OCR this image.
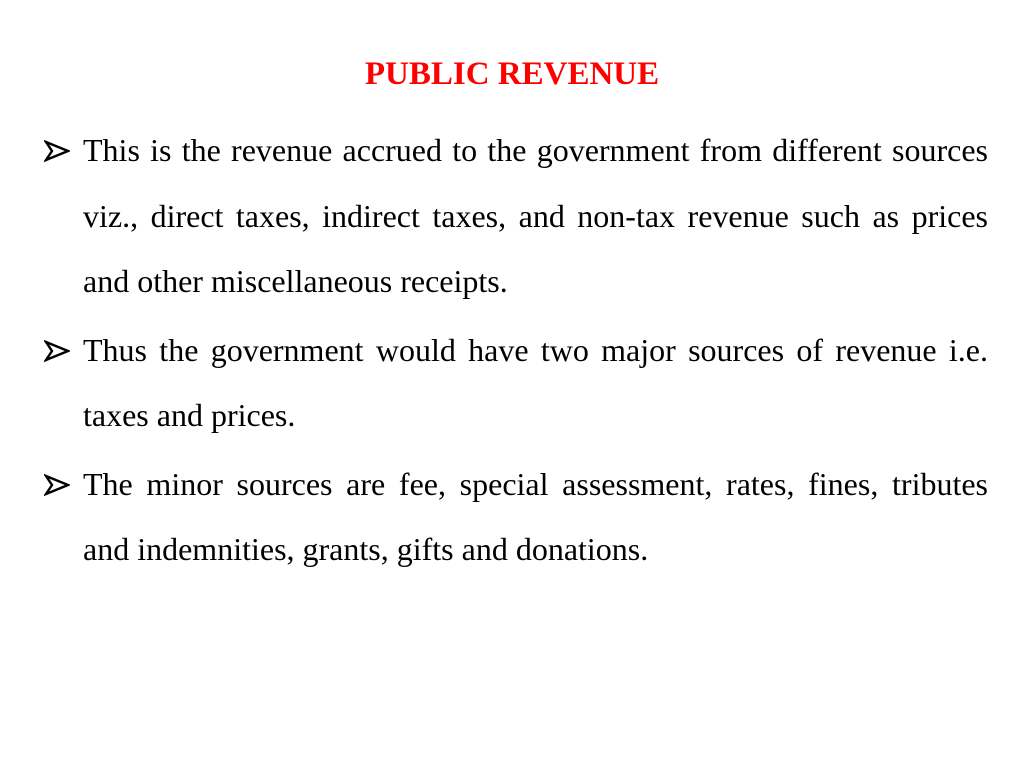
PUBLIC REVENUE
This is the revenue accrued to the government from different sources viz., direct taxes, indirect taxes, and non-tax revenue such as prices and other miscellaneous receipts.
Thus the government would have two major sources of revenue i.e. taxes and prices.
The minor sources are fee, special assessment, rates, fines, tributes and indemnities, grants, gifts and donations.
